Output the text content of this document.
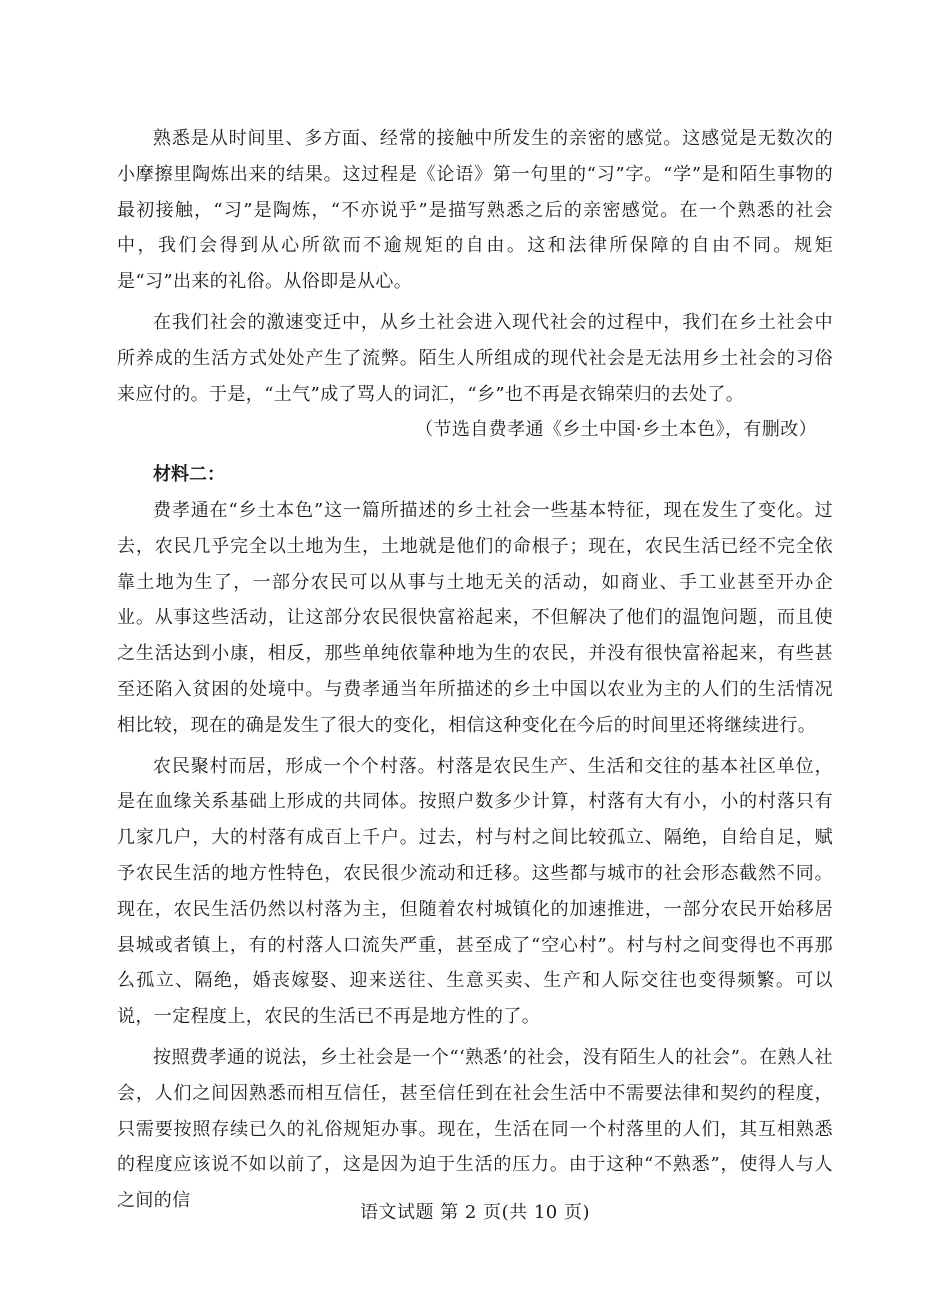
熟悉是从时间里、多方面、经常的接触中所发生的亲密的感觉。这感觉是无数次的小摩擦里陶炼出来的结果。这过程是《论语》第一句里的“习”字。“学”是和陌生事物的最初接触，“习”是陶炼，“不亦说乎”是描写熟悉之后的亲密感觉。在一个熟悉的社会中，我们会得到从心所欲而不逾规矩的自由。这和法律所保障的自由不同。规矩是“习”出来的礼俗。从俗即是从心。

在我们社会的激速变迁中，从乡土社会进入现代社会的过程中，我们在乡土社会中所养成的生活方式处处产生了流弊。陌生人所组成的现代社会是无法用乡土社会的习俗来应付的。于是，“土气”成了骂人的词汇，“乡”也不再是衣锦荣归的去处了。

（节选自费孝通《乡土中国·乡土本色》，有删改）

材料二：

费孝通在“乡土本色”这一篇所描述的乡土社会一些基本特征，现在发生了变化。过去，农民几乎完全以土地为生，土地就是他们的命根子；现在，农民生活已经不完全依靠土地为生了，一部分农民可以从事与土地无关的活动，如商业、手工业甚至开办企业。从事这些活动，让这部分农民很快富裕起来，不但解决了他们的温饱问题，而且使之生活达到小康，相反，那些单纯依靠种地为生的农民，并没有很快富裕起来，有些甚至还陷入贫困的处境中。与费孝通当年所描述的乡土中国以农业为主的人们的生活情况相比较，现在的确是发生了很大的变化，相信这种变化在今后的时间里还将继续进行。

农民聚村而居，形成一个个村落。村落是农民生产、生活和交往的基本社区单位，是在血缘关系基础上形成的共同体。按照户数多少计算，村落有大有小，小的村落只有几家几户，大的村落有成百上千户。过去，村与村之间比较孤立、隔绝，自给自足，赋予农民生活的地方性特色，农民很少流动和迁移。这些都与城市的社会形态截然不同。现在，农民生活仍然以村落为主，但随着农村城镇化的加速推进，一部分农民开始移居县城或者镇上，有的村落人口流失严重，甚至成了“空心村”。村与村之间变得也不再那么孤立、隔绝，婚丧嫁娶、迎来送往、生意买卖、生产和人际交往也变得频繁。可以说，一定程度上，农民的生活已不再是地方性的了。

按照费孝通的说法，乡土社会是一个“‘熟悉’的社会，没有陌生人的社会”。在熟人社会，人们之间因熟悉而相互信任，甚至信任到在社会生活中不需要法律和契约的程度，只需要按照存续已久的礼俗规矩办事。现在，生活在同一个村落里的人们，其互相熟悉的程度应该说不如以前了，这是因为迫于生活的压力。由于这种“不熟悉”，使得人与人之间的信

语文试题 第 2 页(共 10 页)
